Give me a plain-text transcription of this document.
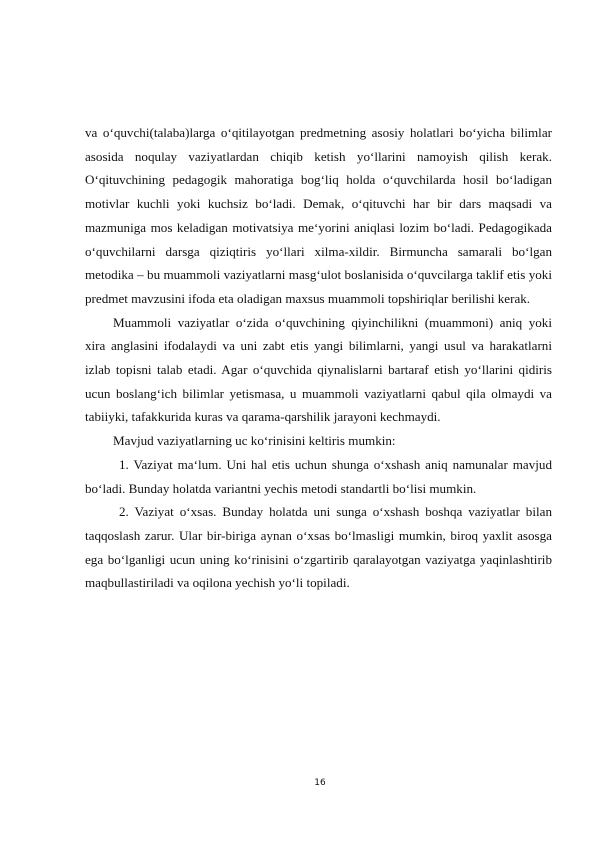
va o‘quvchi(talaba)larga o‘qitilayotgan predmetning asosiy holatlari bo‘yicha bilimlar asosida noqulay vaziyatlardan chiqib ketish yo‘llarini namoyish qilish kerak. O‘qituvchining pedagogik mahoratiga bog‘liq holda o‘quvchilarda hosil bo‘ladigan motivlar kuchli yoki kuchsiz bo‘ladi. Demak, o‘qituvchi har bir dars maqsadi va mazmuniga mos keladigan motivatsiya me‘yorini aniqlasi lozim bo‘ladi. Pedagogikada o‘quvchilarni darsga qiziqtiris yo‘llari xilma-xildir. Birmuncha samarali bo‘lgan metodika – bu muammoli vaziyatlarni masg‘ulot boslanisida o‘quvcilarga taklif etis yoki predmet mavzusini ifoda eta oladigan maxsus muammoli topshiriqlar berilishi kerak.

Muammoli vaziyatlar o‘zida o‘quvchining qiyinchilikni (muammoni) aniq yoki xira anglasini ifodalaydi va uni zabt etis yangi bilimlarni, yangi usul va harakatlarni izlab topisni talab etadi. Agar o‘quvchida qiynalislarni bartaraf etish yo‘llarini qidiris ucun boslang‘ich bilimlar yetismasa, u muammoli vaziyatlarni qabul qila olmaydi va tabiiyki, tafakkurida kuras va qarama-qarshilik jarayoni kechmaydi.

Mavjud vaziyatlarning uc ko‘rinisini keltiris mumkin:

1. Vaziyat ma‘lum. Uni hal etis uchun shunga o‘xshash aniq namunalar mavjud bo‘ladi. Bunday holatda variantni yechis metodi standartli bo‘lisi mumkin.

2. Vaziyat o‘xsas. Bunday holatda uni sunga o‘xshash boshqa vaziyatlar bilan taqqoslash zarur. Ular bir-biriga aynan o‘xsas bo‘lmasligi mumkin, biroq yaxlit asosga ega bo‘lganligi ucun uning ko‘rinisini o‘zgartirib qaralayotgan vaziyatga yaqinlashtirib maqbullastiriladi va oqilona yechish yo‘li topiladi.

16
